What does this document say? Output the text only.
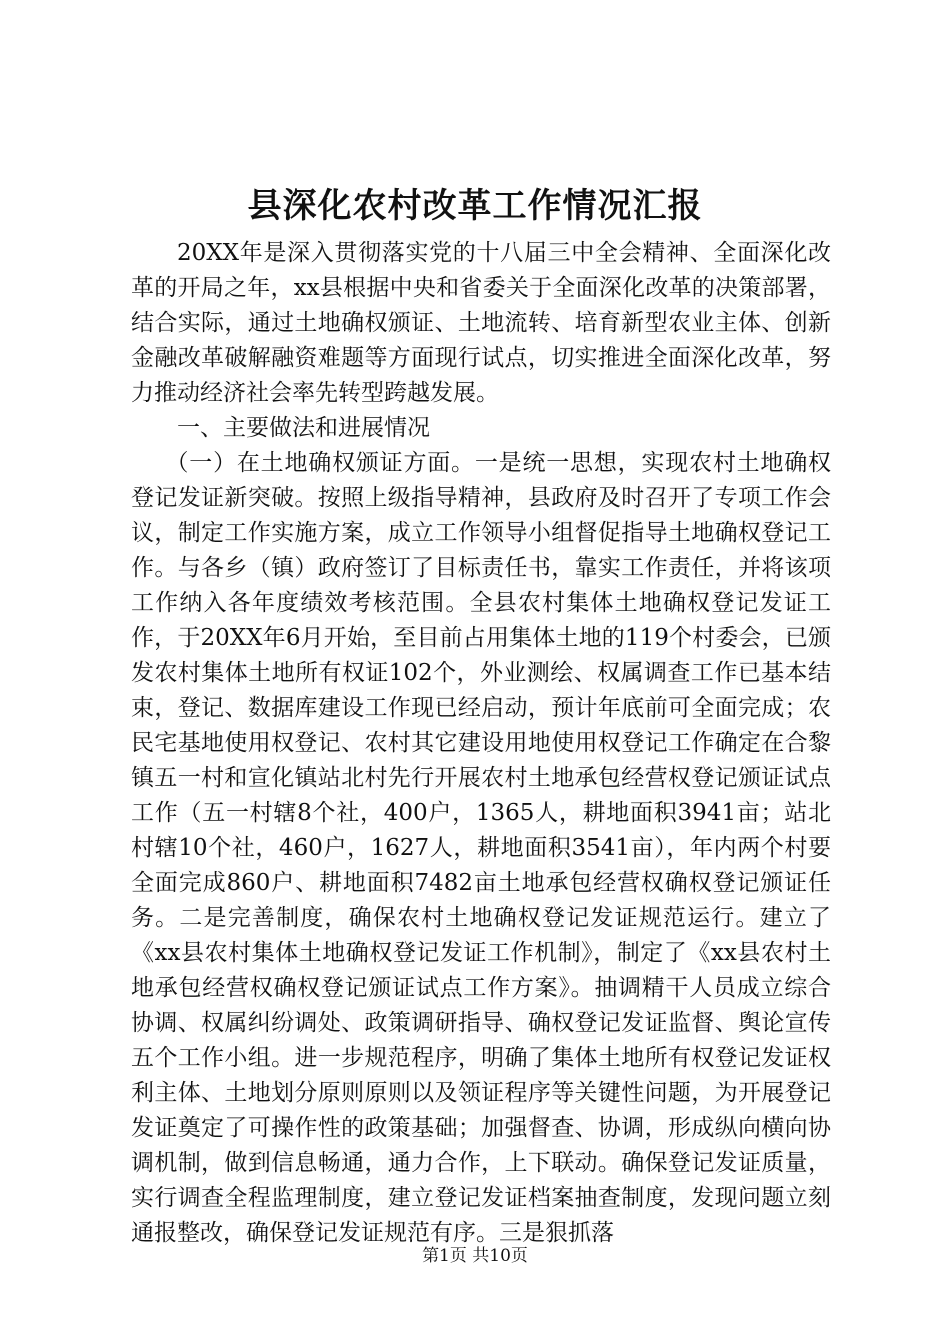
县深化农村改革工作情况汇报

20XX年是深入贯彻落实党的十八届三中全会精神、全面深化改革的开局之年，xx县根据中央和省委关于全面深化改革的决策部署，结合实际，通过土地确权颁证、土地流转、培育新型农业主体、创新金融改革破解融资难题等方面现行试点，切实推进全面深化改革，努力推动经济社会率先转型跨越发展。

一、主要做法和进展情况

（一）在土地确权颁证方面。一是统一思想，实现农村土地确权登记发证新突破。按照上级指导精神，县政府及时召开了专项工作会议，制定工作实施方案，成立工作领导小组督促指导土地确权登记工作。与各乡（镇）政府签订了目标责任书，靠实工作责任，并将该项工作纳入各年度绩效考核范围。全县农村集体土地确权登记发证工作，于20XX年6月开始，至目前占用集体土地的119个村委会，已颁发农村集体土地所有权证102个，外业测绘、权属调查工作已基本结束，登记、数据库建设工作现已经启动，预计年底前可全面完成；农民宅基地使用权登记、农村其它建设用地使用权登记工作确定在合黎镇五一村和宣化镇站北村先行开展农村土地承包经营权登记颁证试点工作（五一村辖8个社，400户，1365人，耕地面积3941亩；站北村辖10个社，460户，1627人，耕地面积3541亩），年内两个村要全面完成860户、耕地面积7482亩土地承包经营权确权登记颁证任务。二是完善制度，确保农村土地确权登记发证规范运行。建立了《xx县农村集体土地确权登记发证工作机制》，制定了《xx县农村土地承包经营权确权登记颁证试点工作方案》。抽调精干人员成立综合协调、权属纠纷调处、政策调研指导、确权登记发证监督、舆论宣传五个工作小组。进一步规范程序，明确了集体土地所有权登记发证权利主体、土地划分原则原则以及领证程序等关键性问题，为开展登记发证奠定了可操作性的政策基础；加强督查、协调，形成纵向横向协调机制，做到信息畅通，通力合作，上下联动。确保登记发证质量，实行调查全程监理制度，建立登记发证档案抽查制度，发现问题立刻通报整改，确保登记发证规范有序。三是狠抓落

第1页 共10页
